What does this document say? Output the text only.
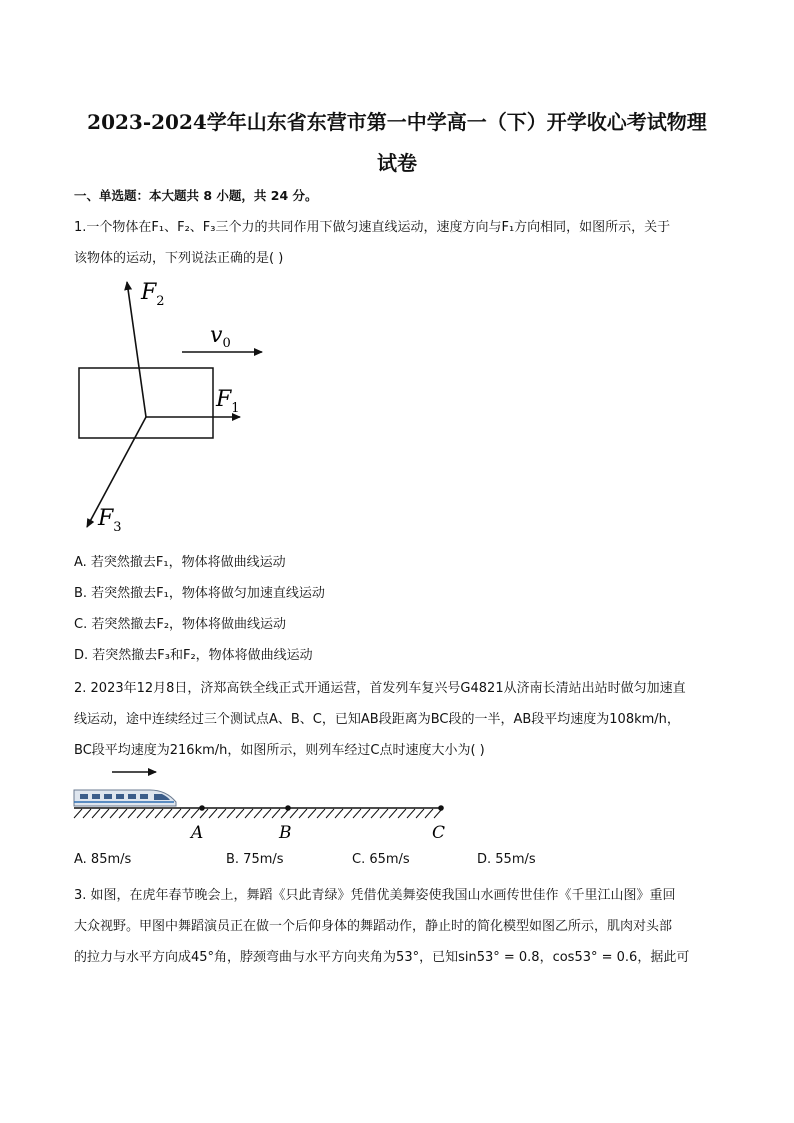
2023-2024学年山东省东营市第一中学高一（下）开学收心考试物理
试卷
一、单选题：本大题共 8 小题，共 24 分。
1.一个物体在F₁、F₂、F₃三个力的共同作用下做匀速直线运动，速度方向与F₁方向相同，如图所示，关于
该物体的运动，下列说法正确的是( )
$F_2$
$v_0$
$F_1$
$F_3$
A. 若突然撤去F₁，物体将做曲线运动
B. 若突然撤去F₁，物体将做匀加速直线运动
C. 若突然撤去F₂，物体将做曲线运动
D. 若突然撤去F₃和F₂，物体将做曲线运动
2. 2023年12月8日，济郑高铁全线正式开通运营，首发列车复兴号G4821从济南长清站出站时做匀加速直
线运动，途中连续经过三个测试点A、B、C，已知AB段距离为BC段的一半，AB段平均速度为108km/h，
BC段平均速度为216km/h，如图所示，则列车经过C点时速度大小为( )
A	B	C
A. 85m/s	B. 75m/s	C. 65m/s	D. 55m/s
3. 如图，在虎年春节晚会上，舞蹈《只此青绿》凭借优美舞姿使我国山水画传世佳作《千里江山图》重回
大众视野。甲图中舞蹈演员正在做一个后仰身体的舞蹈动作，静止时的简化模型如图乙所示，肌肉对头部
的拉力与水平方向成45°角，脖颈弯曲与水平方向夹角为53°，已知sin53° = 0.8，cos53° = 0.6，据此可
